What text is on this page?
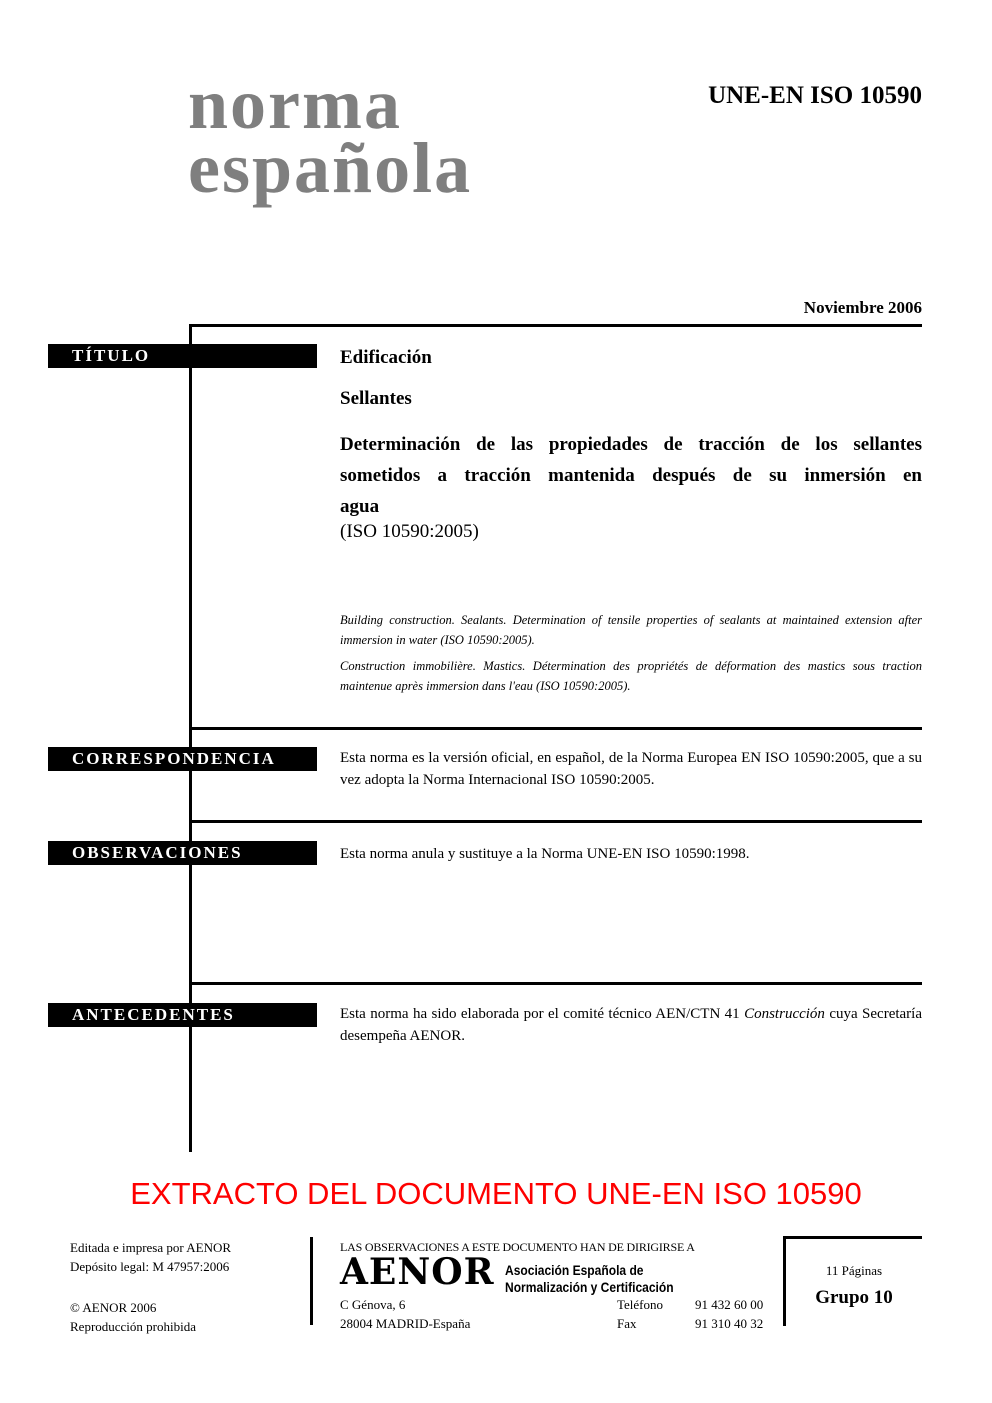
norma
española
UNE-EN ISO 10590
Noviembre 2006
TÍTULO
CORRESPONDENCIA
OBSERVACIONES
ANTECEDENTES
Edificación
Sellantes
Determinación de las propiedades de tracción de los sellantes
sometidos a tracción mantenida después de su inmersión en
agua
(ISO 10590:2005)
Building construction. Sealants. Determination of tensile properties of sealants at maintained extension after immersion in water (ISO 10590:2005).
Construction immobilière. Mastics. Détermination des propriétés de déformation des mastics sous traction maintenue après immersion dans l'eau (ISO 10590:2005).
Esta norma es la versión oficial, en español, de la Norma Europea EN ISO 10590:2005, que a su vez adopta la Norma Internacional ISO 10590:2005.
Esta norma anula y sustituye a la Norma UNE-EN ISO 10590:1998.
Esta norma ha sido elaborada por el comité técnico AEN/CTN 41 Construcción cuya Secretaría desempeña AENOR.
EXTRACTO DEL DOCUMENTO UNE-EN ISO 10590
Editada e impresa por AENOR
Depósito legal: M 47957:2006
© AENOR 2006
Reproducción prohibida
LAS OBSERVACIONES A ESTE DOCUMENTO HAN DE DIRIGIRSE A
AENOR Asociación Española de
Normalización y Certificación
C Génova, 6
28004 MADRID-España
Teléfono 91 432 60 00
Fax	91 310 40 32
11 Páginas
Grupo 10
